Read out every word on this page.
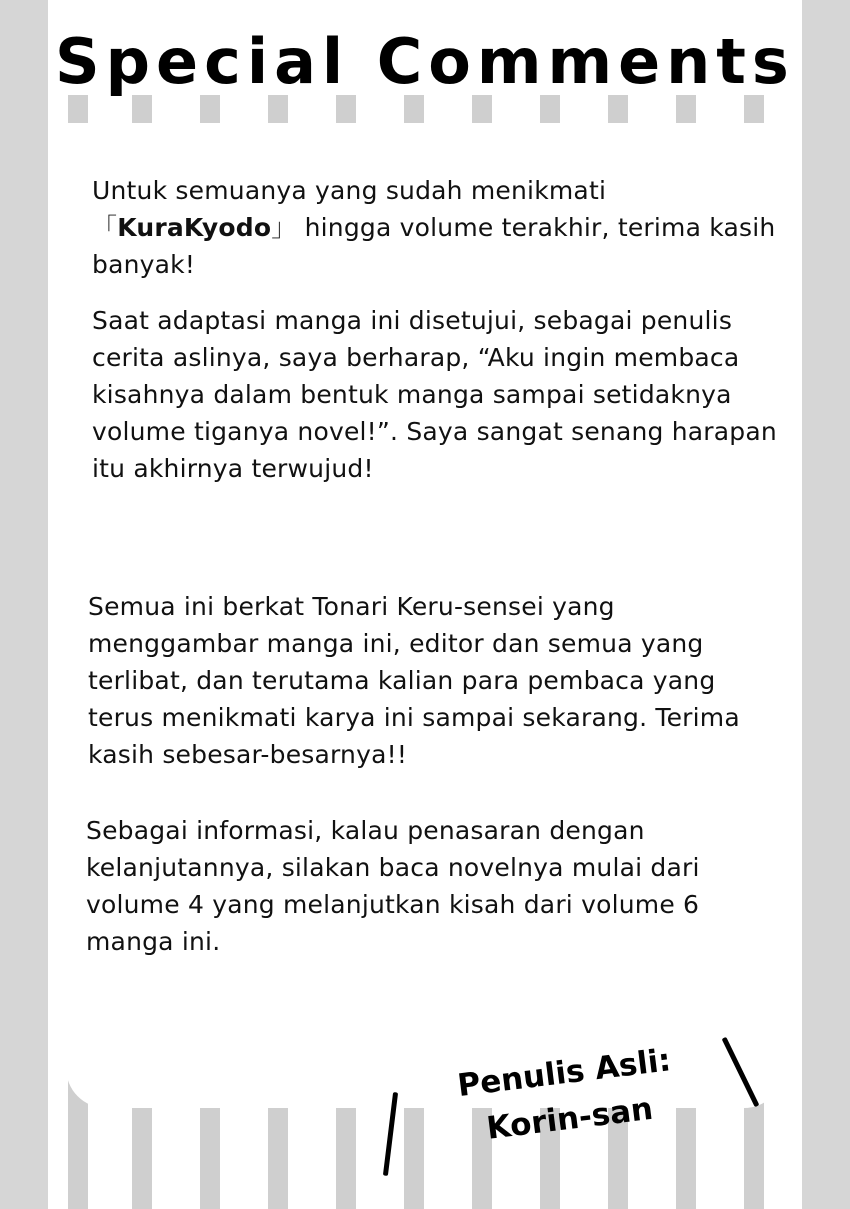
Special Comments

Untuk semuanya yang sudah menikmati 「KuraKyodo」 hingga volume terakhir, terima kasih banyak!

Saat adaptasi manga ini disetujui, sebagai penulis cerita aslinya, saya berharap, “Aku ingin membaca kisahnya dalam bentuk manga sampai setidaknya volume tiganya novel!”. Saya sangat senang harapan itu akhirnya terwujud!

Semua ini berkat Tonari Keru-sensei yang menggambar manga ini, editor dan semua yang terlibat, dan terutama kalian para pembaca yang terus menikmati karya ini sampai sekarang. Terima kasih sebesar-besarnya!!

Sebagai informasi, kalau penasaran dengan kelanjutannya, silakan baca novelnya mulai dari volume 4 yang melanjutkan kisah dari volume 6 manga ini.

Penulis Asli:
Korin-san
